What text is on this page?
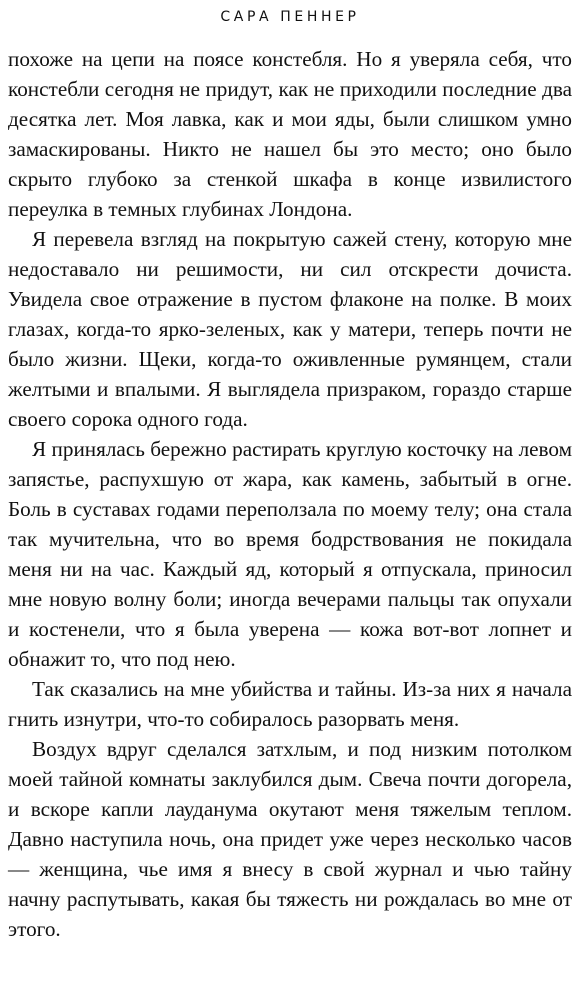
САРА ПЕННЕР

похоже на цепи на поясе констебля. Но я уверяла себя, что констебли сегодня не придут, как не приходили последние два десятка лет. Моя лавка, как и мои яды, были слишком умно замаскированы. Никто не нашел бы это место; оно было скрыто глубоко за стенкой шкафа в конце извилистого переулка в темных глубинах Лондона.

Я перевела взгляд на покрытую сажей стену, которую мне недоставало ни решимости, ни сил отскрести дочиста. Увидела свое отражение в пустом флаконе на полке. В моих глазах, когда-то ярко-зеленых, как у матери, теперь почти не было жизни. Щеки, когда-то оживленные румянцем, стали желтыми и впалыми. Я выглядела призраком, гораздо старше своего сорока одного года.

Я принялась бережно растирать круглую косточку на левом запястье, распухшую от жара, как камень, забытый в огне. Боль в суставах годами переползала по моему телу; она стала так мучительна, что во время бодрствования не покидала меня ни на час. Каждый яд, который я отпускала, приносил мне новую волну боли; иногда вечерами пальцы так опухали и костенели, что я была уверена — кожа вот-вот лопнет и обнажит то, что под нею.

Так сказались на мне убийства и тайны. Из-за них я начала гнить изнутри, что-то собиралось разорвать меня.

Воздух вдруг сделался затхлым, и под низким потолком моей тайной комнаты заклубился дым. Свеча почти догорела, и вскоре капли лауданума окутают меня тяжелым теплом. Давно наступила ночь, она придет уже через несколько часов — женщина, чье имя я внесу в свой журнал и чью тайну начну распутывать, какая бы тяжесть ни рождалась во мне от этого.
